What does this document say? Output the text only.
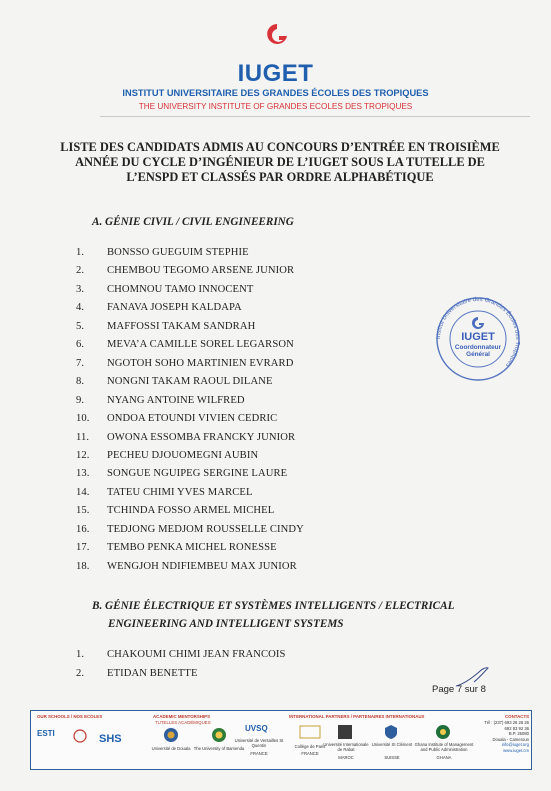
IUGET
INSTITUT UNIVERSITAIRE DES GRANDES ÉCOLES DES TROPIQUES
THE UNIVERSITY INSTITUTE OF GRANDES ECOLES DES TROPIQUES
LISTE DES CANDIDATS ADMIS AU CONCOURS D’ENTRÉE EN TROISIÈME ANNÉE DU CYCLE D’INGÉNIEUR DE L’IUGET SOUS LA TUTELLE DE L’ENSPD ET CLASSÉS PAR ORDRE ALPHABÉTIQUE
A. GÉNIE CIVIL / CIVIL ENGINEERING
1.	BONSSO GUEGUIM STEPHIE
2.	CHEMBOU TEGOMO ARSENE JUNIOR
3.	CHOMNOU TAMO INNOCENT
4.	FANAVA JOSEPH KALDAPA
5.	MAFFOSSI TAKAM SANDRAH
6.	MEVA’A CAMILLE SOREL LEGARSON
7.	NGOTOH SOHO MARTINIEN EVRARD
8.	NONGNI TAKAM RAOUL DILANE
9.	NYANG ANTOINE WILFRED
10.	ONDOA ETOUNDI VIVIEN CEDRIC
11.	OWONA ESSOMBA FRANCKY JUNIOR
12.	PECHEU DJOUOMEGNI AUBIN
13.	SONGUE NGUIPEG SERGINE LAURE
14.	TATEU CHIMI YVES MARCEL
15.	TCHINDA FOSSO ARMEL MICHEL
16.	TEDJONG MEDJOM ROUSSELLE CINDY
17.	TEMBO PENKA MICHEL RONESSE
18.	WENGJOH NDIFIEMBEU MAX JUNIOR
B. GÉNIE ÉLECTRIQUE ET SYSTÈMES INTELLIGENTS / ELECTRICAL
ENGINEERING AND INTELLIGENT SYSTEMS
1.	CHAKOUMI CHIMI JEAN FRANCOIS
2.	ETIDAN BENETTE
Institut Universitaire des Grandes Écoles des Tropiques
IUGET
Coordonnateur
Général
Page 7 sur 8
OUR SCHOOLS / NOS ECOLES	ACADEMIC MENTORSHIPS
TUTELLES ACADÉMIQUES
INTERNATIONAL PARTNERS / PARTENAIRES INTERNATIONAUX	CONTACTS
ESTI	SHS
Université de Douala The University of Bamenda
UVSQ
Université de Versailles St Quentin
FRANCE
Collège de Paris
FRANCE
Université Internationale de Rabat
MAROC
Université St Clément
SUISSE
Ghana Institute of Management and Public Administration
GHANA
Tél : (237) 693 26 26 26
692 83 92 36
B.P. 25080
Douala - Cameroun
info@iuget.org
www.iuget.cm
